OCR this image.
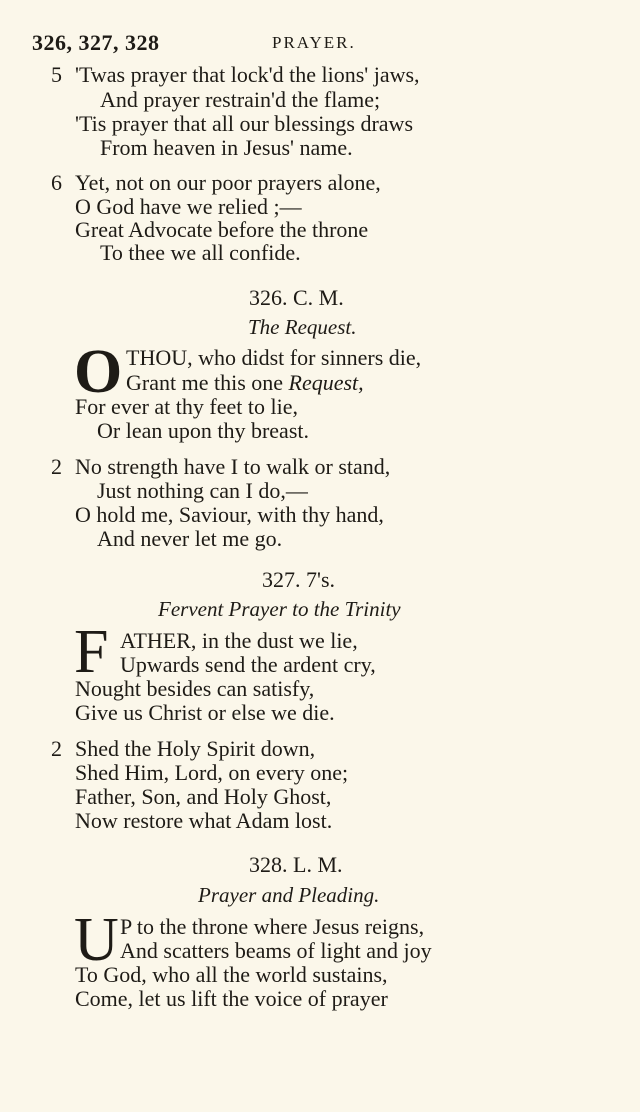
326, 327, 328	PRAYER.
5 'Twas prayer that lock'd the lions' jaws,
And prayer restrain'd the flame;
'Tis prayer that all our blessings draws
From heaven in Jesus' name.
6 Yet, not on our poor prayers alone,
O God have we relied ;—
Great Advocate before the throne
To thee we all confide.
326. C. M.
The Request.
O THOU, who didst for sinners die,
Grant me this one Request,
For ever at thy feet to lie,
Or lean upon thy breast.
2 No strength have I to walk or stand,
Just nothing can I do,—
O hold me, Saviour, with thy hand,
And never let me go.
327. 7's.
Fervent Prayer to the Trinity
F ATHER, in the dust we lie,
Upwards send the ardent cry,
Nought besides can satisfy,
Give us Christ or else we die.
2 Shed the Holy Spirit down,
Shed Him, Lord, on every one;
Father, Son, and Holy Ghost,
Now restore what Adam lost.
328. L. M.
Prayer and Pleading.
U P to the throne where Jesus reigns,
And scatters beams of light and joy
To God, who all the world sustains,
Come, let us lift the voice of prayer
